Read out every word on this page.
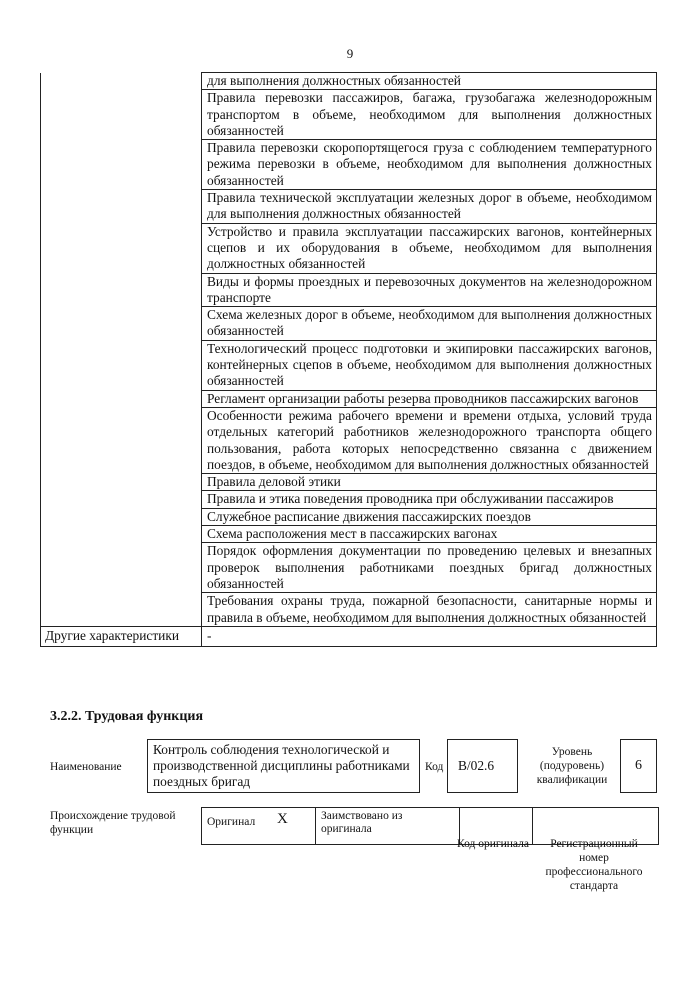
9
	для выполнения должностных обязанностей
	Правила перевозки пассажиров, багажа, грузобагажа железнодорожным транспортом в объеме, необходимом для выполнения должностных обязанностей
	Правила перевозки скоропортящегося груза с соблюдением температурного режима перевозки в объеме, необходимом для выполнения должностных обязанностей
	Правила технической эксплуатации железных дорог в объеме, необходимом для выполнения должностных обязанностей
	Устройство и правила эксплуатации пассажирских вагонов, контейнерных сцепов и их оборудования в объеме, необходимом для выполнения должностных обязанностей
	Виды и формы проездных и перевозочных документов на железнодорожном транспорте
	Схема железных дорог в объеме, необходимом для выполнения должностных обязанностей
	Технологический процесс подготовки и экипировки пассажирских вагонов, контейнерных сцепов в объеме, необходимом для выполнения должностных обязанностей
	Регламент организации работы резерва проводников пассажирских вагонов
	Особенности режима рабочего времени и времени отдыха, условий труда отдельных категорий работников железнодорожного транспорта общего пользования, работа которых непосредственно связанна с движением поездов, в объеме, необходимом для выполнения должностных обязанностей
	Правила деловой этики
	Правила и этика поведения проводника при обслуживании пассажиров
	Служебное расписание движения пассажирских поездов
	Схема расположения мест в пассажирских вагонах
	Порядок оформления документации по проведению целевых и внезапных проверок выполнения работниками поездных бригад должностных обязанностей
	Требования охраны труда, пожарной безопасности, санитарные нормы и правила в объеме, необходимом для выполнения должностных обязанностей
Другие характеристики	-
3.2.2. Трудовая функция
Наименование
Контроль соблюдения технологической и производственной дисциплины работниками поездных бригад
Код	B/02.6
Уровень (подуровень) квалификации
6
Происхождение трудовой функции
Оригинал	X	Заимствовано из оригинала		
Код оригинала	Регистрационный номер профессионального стандарта
